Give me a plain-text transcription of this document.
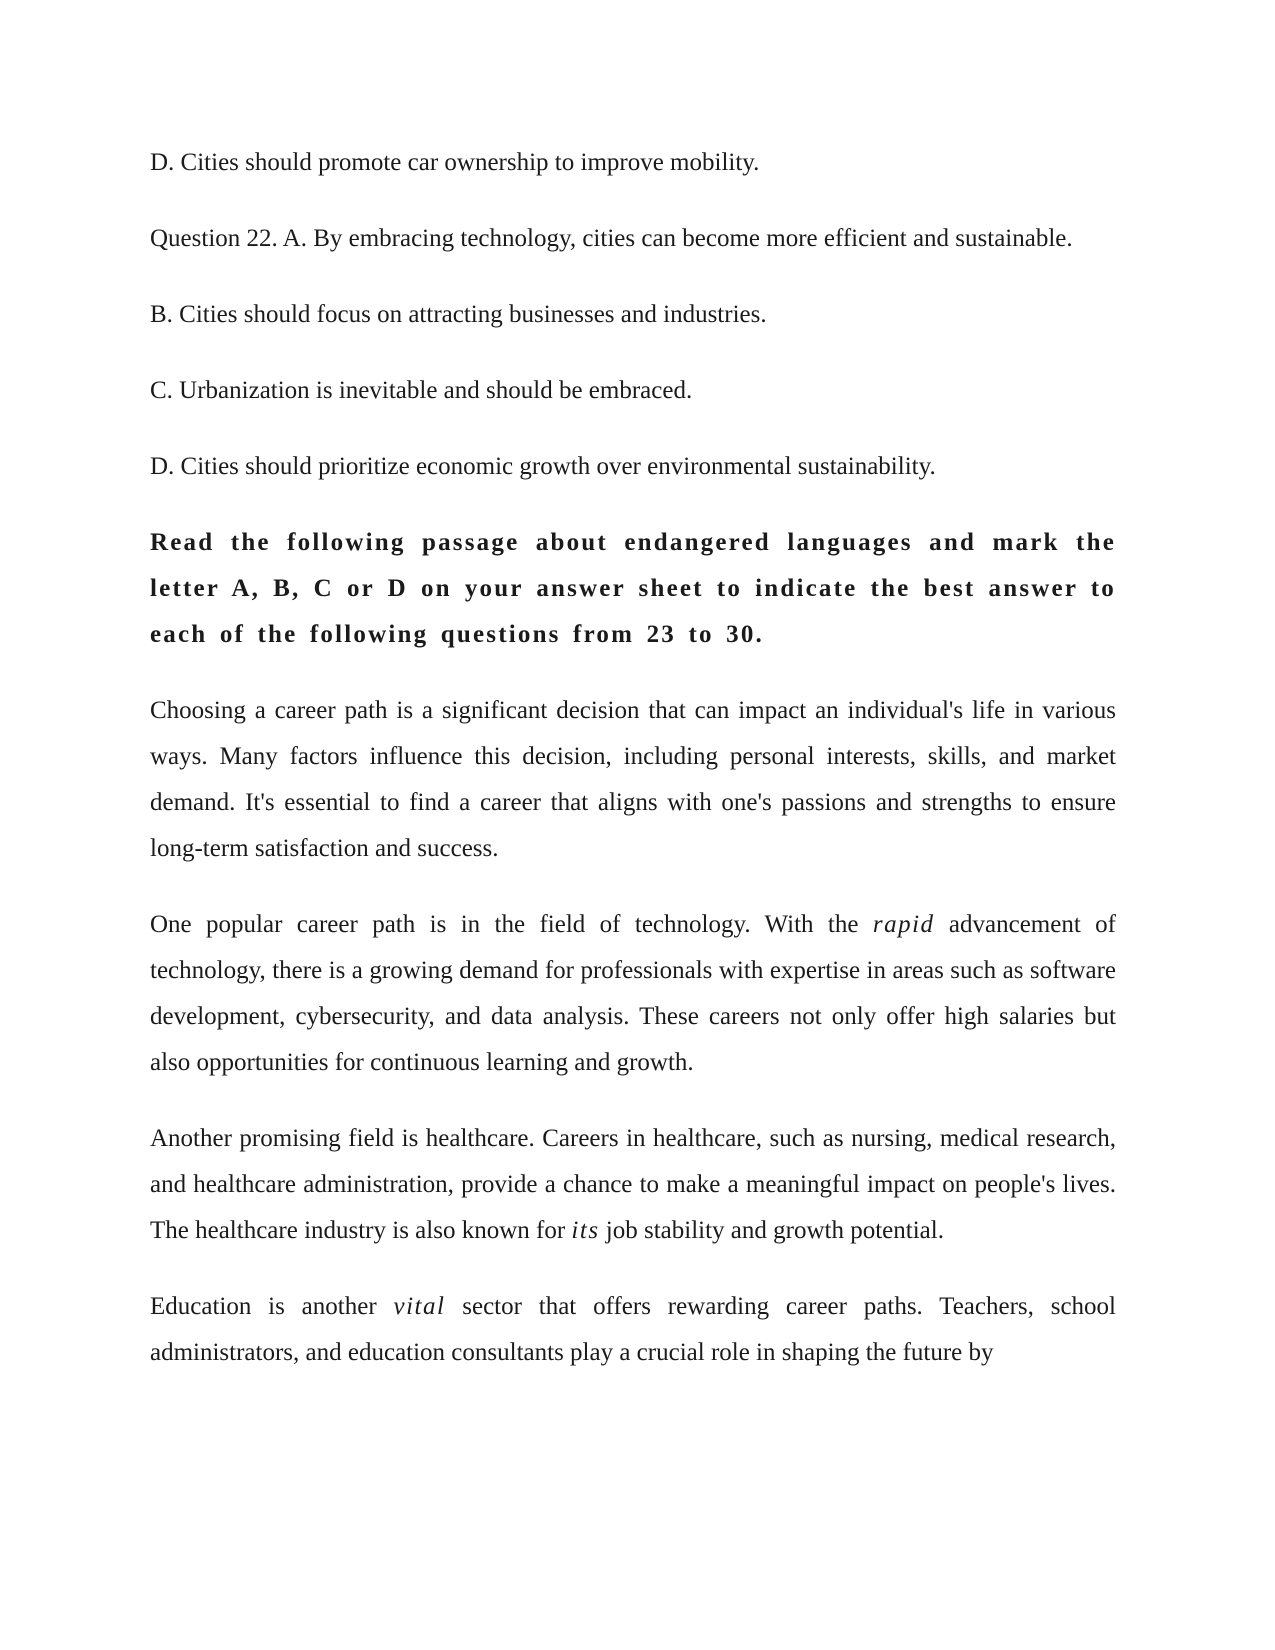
D. Cities should promote car ownership to improve mobility.

Question 22. A. By embracing technology, cities can become more efficient and sustainable.

B. Cities should focus on attracting businesses and industries.

C. Urbanization is inevitable and should be embraced.

D. Cities should prioritize economic growth over environmental sustainability.

Read the following passage about endangered languages and mark the letter A, B, C or D on your answer sheet to indicate the best answer to each of the following questions from 23 to 30.

Choosing a career path is a significant decision that can impact an individual's life in various ways. Many factors influence this decision, including personal interests, skills, and market demand. It's essential to find a career that aligns with one's passions and strengths to ensure long-term satisfaction and success.

One popular career path is in the field of technology. With the rapid advancement of technology, there is a growing demand for professionals with expertise in areas such as software development, cybersecurity, and data analysis. These careers not only offer high salaries but also opportunities for continuous learning and growth.

Another promising field is healthcare. Careers in healthcare, such as nursing, medical research, and healthcare administration, provide a chance to make a meaningful impact on people's lives. The healthcare industry is also known for its job stability and growth potential.

Education is another vital sector that offers rewarding career paths. Teachers, school administrators, and education consultants play a crucial role in shaping the future by
